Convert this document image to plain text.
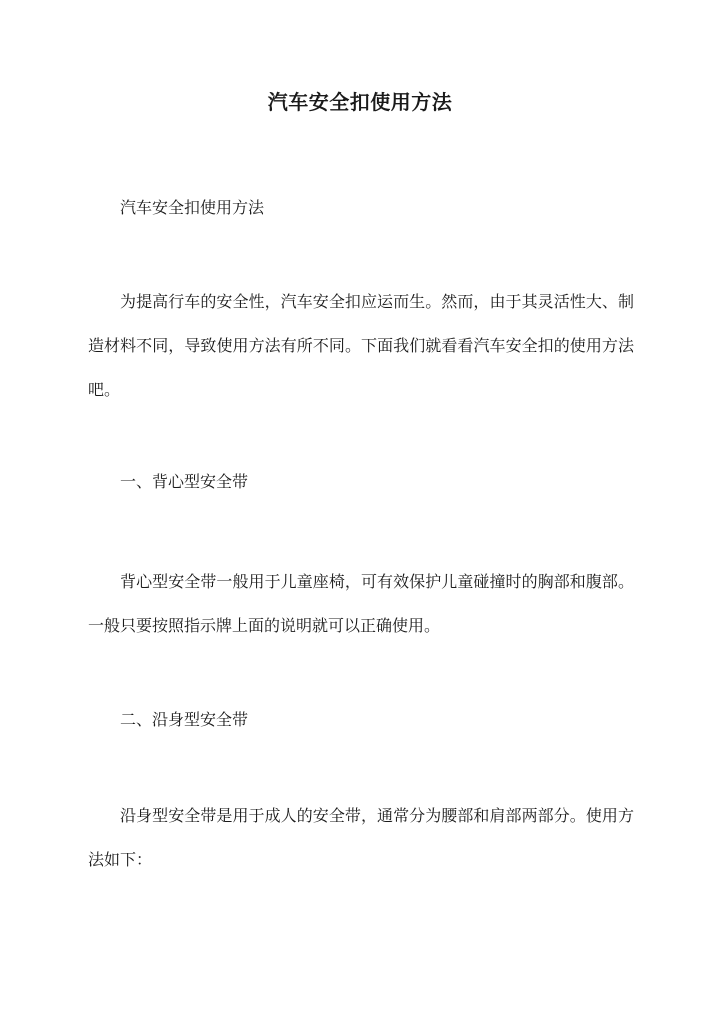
汽车安全扣使用方法

汽车安全扣使用方法

为提高行车的安全性，汽车安全扣应运而生。然而，由于其灵活性大、制造材料不同，导致使用方法有所不同。下面我们就看看汽车安全扣的使用方法吧。

一、背心型安全带

背心型安全带一般用于儿童座椅，可有效保护儿童碰撞时的胸部和腹部。一般只要按照指示牌上面的说明就可以正确使用。

二、沿身型安全带

沿身型安全带是用于成人的安全带，通常分为腰部和肩部两部分。使用方法如下：
